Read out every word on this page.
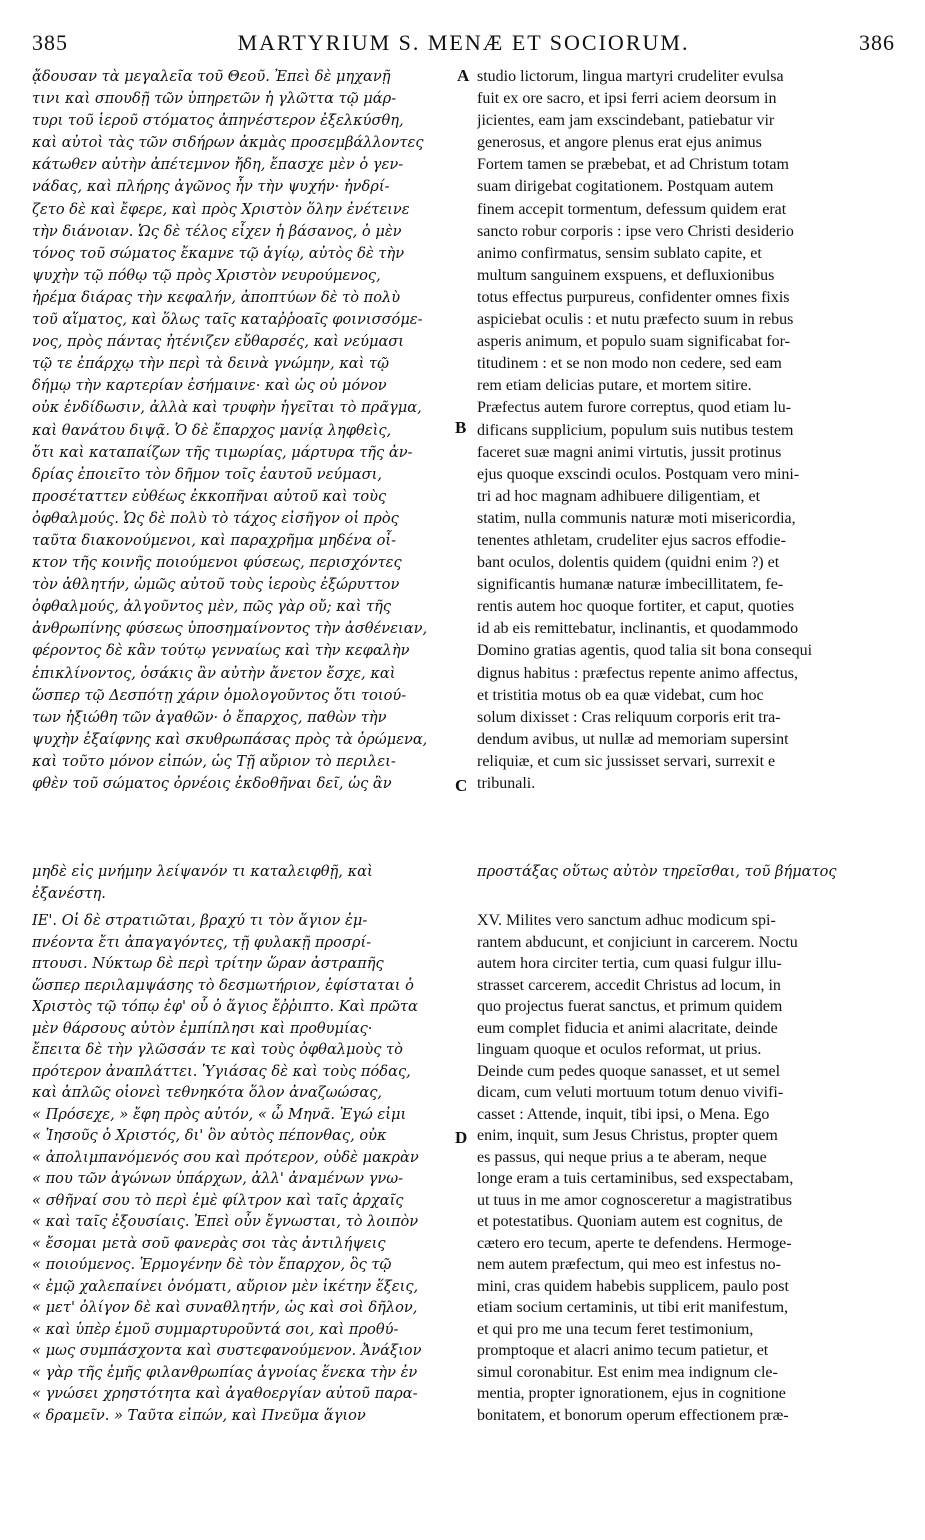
385	MARTYRIUM S. MENÆ ET SOCIORUM.	386
ᾄδουσαν τὰ μεγαλεῖα τοῦ Θεοῦ. Ἐπεὶ δὲ μηχανῇ
τινι καὶ σπουδῇ τῶν ὑπηρετῶν ἡ γλῶττα τῷ μάρ-
τυρι τοῦ ἱεροῦ στόματος ἀπηνέστερον ἐξελκύσθη,
καὶ αὐτοὶ τὰς τῶν σιδήρων ἀκμὰς προσεμβάλλοντες
κάτωθεν αὐτὴν ἀπέτεμνον ἤδη, ἔπασχε μὲν ὁ γεν-
νάδας, καὶ πλήρης ἀγῶνος ἦν τὴν ψυχήν· ἠνδρί-
ζετο δὲ καὶ ἔφερε, καὶ πρὸς Χριστὸν ὅλην ἐνέτεινε
τὴν διάνοιαν. Ὡς δὲ τέλος εἶχεν ἡ βάσανος, ὁ μὲν
τόνος τοῦ σώματος ἔκαμνε τῷ ἁγίῳ, αὐτὸς δὲ τὴν
ψυχὴν τῷ πόθῳ τῷ πρὸς Χριστὸν νευρούμενος,
ἠρέμα διάρας τὴν κεφαλήν, ἀποπτύων δὲ τὸ πολὺ
τοῦ αἵματος, καὶ ὅλως ταῖς καταῤῥοαῖς φοινισσόμε-
νος, πρὸς πάντας ἠτένιζεν εὔθαρσές, καὶ νεύμασι
τῷ τε ἐπάρχῳ τὴν περὶ τὰ δεινὰ γνώμην, καὶ τῷ
δήμῳ τὴν καρτερίαν ἐσήμαινε· καὶ ὡς οὐ μόνον
οὐκ ἐνδίδωσιν, ἀλλὰ καὶ τρυφὴν ἡγεῖται τὸ πρᾶγμα,
καὶ θανάτου διψᾷ. Ὁ δὲ ἔπαρχος μανίᾳ ληφθεὶς,
ὅτι καὶ καταπαίζων τῆς τιμωρίας, μάρτυρα τῆς ἀν-
δρίας ἐποιεῖτο τὸν δῆμον τοῖς ἑαυτοῦ νεύμασι,
προσέταττεν εὐθέως ἐκκοπῆναι αὐτοῦ καὶ τοὺς
ὀφθαλμούς. Ὡς δὲ πολὺ τὸ τάχος εἰσῆγον οἱ πρὸς
ταῦτα διακονούμενοι, καὶ παραχρῆμα μηδένα οἶ-
κτον τῆς κοινῆς ποιούμενοι φύσεως, περισχόντες
τὸν ἀθλητήν, ὠμῶς αὐτοῦ τοὺς ἱεροὺς ἐξώρυττον
ὀφθαλμούς, ἀλγοῦντος μὲν, πῶς γὰρ οὔ; καὶ τῆς
ἀνθρωπίνης φύσεως ὑποσημαίνοντος τὴν ἀσθένειαν,
φέροντος δὲ κἂν τούτῳ γενναίως καὶ τὴν κεφαλὴν
ἐπικλίνοντος, ὁσάκις ἂν αὐτὴν ἄνετον ἔσχε, καὶ
ὥσπερ τῷ Δεσπότῃ χάριν ὁμολογοῦντος ὅτι τοιού-
των ἠξιώθη τῶν ἀγαθῶν· ὁ ἔπαρχος, παθὼν τὴν
ψυχὴν ἐξαίφνης καὶ σκυθρωπάσας πρὸς τὰ ὁρώμενα,
καὶ τοῦτο μόνον εἰπών, ὡς Τῇ αὔριον τὸ περιλει-
φθὲν τοῦ σώματος ὀρνέοις ἐκδοθῆναι δεῖ, ὡς ἂν
studio lictorum, lingua martyri crudeliter evulsa
fuit ex ore sacro, et ipsi ferri aciem deorsum in
jicientes, eam jam exscindebant, patiebatur vir
generosus, et angore plenus erat ejus animus
Fortem tamen se præbebat, et ad Christum totam
suam dirigebat cogitationem. Postquam autem
finem accepit tormentum, defessum quidem erat
sancto robur corporis : ipse vero Christi desiderio
animo confirmatus, sensim sublato capite, et
multum sanguinem exspuens, et defluxionibus
totus effectus purpureus, confidenter omnes fixis
aspiciebat oculis : et nutu præfecto suum in rebus
asperis animum, et populo suam significabat for-
titudinem : et se non modo non cedere, sed eam
rem etiam delicias putare, et mortem sitire.
Præfectus autem furore correptus, quod etiam lu-
dificans supplicium, populum suis nutibus testem
faceret suæ magni animi virtutis, jussit protinus
ejus quoque exscindi oculos. Postquam vero mini-
tri ad hoc magnam adhibuere diligentiam, et
statim, nulla communis naturæ moti misericordia,
tenentes athletam, crudeliter ejus sacros effodie-
bant oculos, dolentis quidem (quidni enim ?) et
significantis humanæ naturæ imbecillitatem, fe-
rentis autem hoc quoque fortiter, et caput, quoties
id ab eis remittebatur, inclinantis, et quodammodo
Domino gratias agentis, quod talia sit bona consequi
dignus habitus : præfectus repente animo affectus,
et tristitia motus ob ea quæ videbat, cum hoc
solum dixisset : Cras reliquum corporis erit tra-
dendum avibus, ut nullæ ad memoriam supersint
reliquiæ, et cum sic jussisset servari, surrexit e
tribunali.
A
B
C
D
μηδὲ εἰς μνήμην λείψανόν τι καταλειφθῇ, καὶ	προστάξας οὕτως αὐτὸν τηρεῖσθαι, τοῦ βήματος
ἐξανέστη.
ΙΕ'. Οἱ δὲ στρατιῶται, βραχύ τι τὸν ἅγιον ἐμ-
πνέοντα ἔτι ἀπαγαγόντες, τῇ φυλακῇ προσρί-
πτουσι. Νύκτωρ δὲ περὶ τρίτην ὥραν ἀστραπῆς
ὥσπερ περιλαμψάσης τὸ δεσμωτήριον, ἐφίσταται ὁ
Χριστὸς τῷ τόπῳ ἐφ' οὗ ὁ ἅγιος ἔῤῥιπτο. Καὶ πρῶτα
μὲν θάρσους αὐτὸν ἐμπίπλησι καὶ προθυμίας·
ἔπειτα δὲ τὴν γλῶσσάν τε καὶ τοὺς ὀφθαλμοὺς τὸ
πρότερον ἀναπλάττει. Ὑγιάσας δὲ καὶ τοὺς πόδας,
καὶ ἁπλῶς οἱονεὶ τεθνηκότα ὅλον ἀναζωώσας,
« Πρόσεχε, » ἔφη πρὸς αὐτόν, « ὦ Μηνᾶ. Ἐγώ εἰμι
« Ἰησοῦς ὁ Χριστός, δι' ὃν αὐτὸς πέπονθας, οὐκ
« ἀπολιμπανόμενός σου καὶ πρότερον, οὐδὲ μακρὰν
« που τῶν ἀγώνων ὑπάρχων, ἀλλ' ἀναμένων γνω-
« σθῆναί σου τὸ περὶ ἐμὲ φίλτρον καὶ ταῖς ἀρχαῖς
« καὶ ταῖς ἐξουσίαις. Ἐπεὶ οὖν ἔγνωσται, τὸ λοιπὸν
« ἔσομαι μετὰ σοῦ φανερὰς σοι τὰς ἀντιλήψεις
« ποιούμενος. Ἑρμογένην δὲ τὸν ἔπαρχον, ὃς τῷ
« ἐμῷ χαλεπαίνει ὀνόματι, αὔριον μὲν ἱκέτην ἕξεις,
« μετ' ὀλίγον δὲ καὶ συναθλητήν, ὡς καὶ σοὶ δῆλον,
« καὶ ὑπὲρ ἐμοῦ συμμαρτυροῦντά σοι, καὶ προθύ-
« μως συμπάσχοντα καὶ συστεφανούμενον. Ἀνάξιον
« γὰρ τῆς ἐμῆς φιλανθρωπίας ἀγνοίας ἕνεκα τὴν ἐν
« γνώσει χρηστότητα καὶ ἀγαθοεργίαν αὐτοῦ παρα-
« δραμεῖν. » Ταῦτα εἰπών, καὶ Πνεῦμα ἅγιον
XV. Milites vero sanctum adhuc modicum spi-
rantem abducunt, et conjiciunt in carcerem. Noctu
autem hora circiter tertia, cum quasi fulgur illu-
strasset carcerem, accedit Christus ad locum, in
quo projectus fuerat sanctus, et primum quidem
eum complet fiducia et animi alacritate, deinde
linguam quoque et oculos reformat, ut prius.
Deinde cum pedes quoque sanasset, et ut semel
dicam, cum veluti mortuum totum denuo vivifi-
casset : Attende, inquit, tibi ipsi, o Mena. Ego
enim, inquit, sum Jesus Christus, propter quem
es passus, qui neque prius a te aberam, neque
longe eram a tuis certaminibus, sed exspectabam,
ut tuus in me amor cognosceretur a magistratibus
et potestatibus. Quoniam autem est cognitus, de
cætero ero tecum, aperte te defendens. Hermoge-
nem autem præfectum, qui meo est infestus no-
mini, cras quidem habebis supplicem, paulo post
etiam socium certaminis, ut tibi erit manifestum,
et qui pro me una tecum feret testimonium,
promptoque et alacri animo tecum patietur, et
simul coronabitur. Est enim mea indignum cle-
mentia, propter ignorationem, ejus in cognitione
bonitatem, et bonorum operum effectionem præ-
